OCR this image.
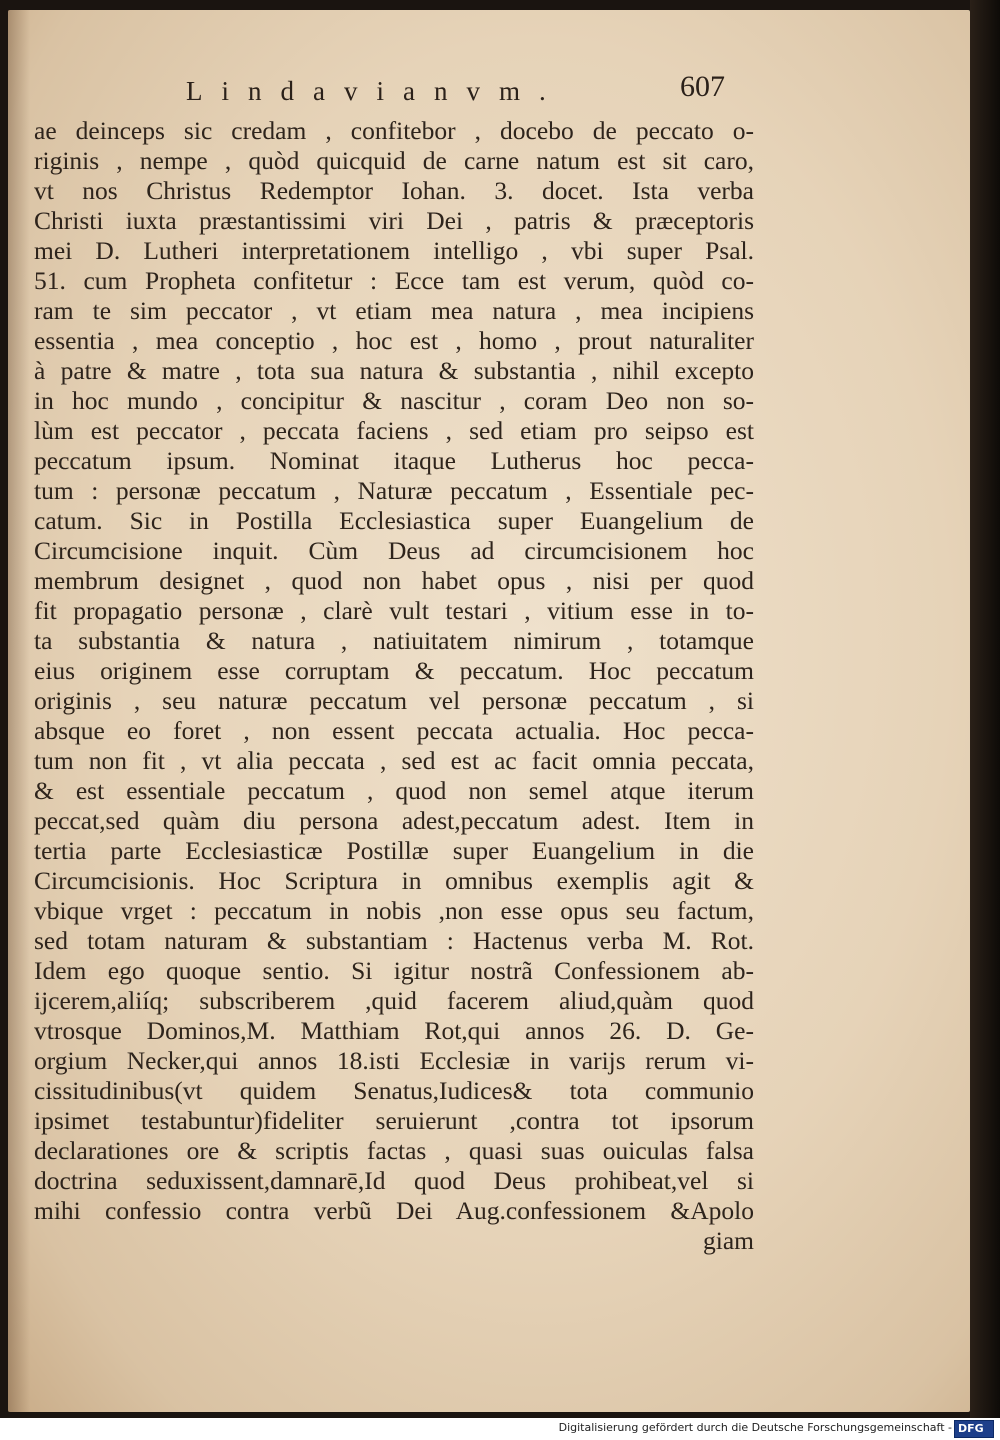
Lindavianvm.	607
ae deinceps sic credam , confitebor , docebo de peccato o-
riginis , nempe , quòd quicquid de carne natum est sit caro,
vt nos Christus Redemptor Iohan. 3. docet. Ista verba
Christi iuxta præstantissimi viri Dei , patris & præceptoris
mei D. Lutheri interpretationem intelligo , vbi super Psal.
51. cum Propheta confitetur : Ecce tam est verum, quòd co-
ram te sim peccator , vt etiam mea natura , mea incipiens
essentia , mea conceptio , hoc est , homo , prout naturaliter
à patre & matre , tota sua natura & substantia , nihil excepto
in hoc mundo , concipitur & nascitur , coram Deo non so-
lùm est peccator , peccata faciens , sed etiam pro seipso est
peccatum ipsum. Nominat itaque Lutherus hoc pecca-
tum : personæ peccatum , Naturæ peccatum , Essentiale pec-
catum. Sic in Postilla Ecclesiastica super Euangelium de
Circumcisione inquit. Cùm Deus ad circumcisionem hoc
membrum designet , quod non habet opus , nisi per quod
fit propagatio personæ , clarè vult testari , vitium esse in to-
ta substantia & natura , natiuitatem nimirum , totamque
eius originem esse corruptam & peccatum. Hoc peccatum
originis , seu naturæ peccatum vel personæ peccatum , si
absque eo foret , non essent peccata actualia. Hoc pecca-
tum non fit , vt alia peccata , sed est ac facit omnia peccata,
& est essentiale peccatum , quod non semel atque iterum
peccat,sed quàm diu persona adest,peccatum adest. Item in
tertia parte Ecclesiasticæ Postillæ super Euangelium in die
Circumcisionis. Hoc Scriptura in omnibus exemplis agit &
vbique vrget : peccatum in nobis ,non esse opus seu factum,
sed totam naturam & substantiam : Hactenus verba M. Rot.
Idem ego quoque sentio. Si igitur nostrã Confessionem ab-
ijcerem,aliíq; subscriberem ,quid facerem aliud,quàm quod
vtrosque Dominos,M. Matthiam Rot,qui annos 26. D. Ge-
orgium Necker,qui annos 18.isti Ecclesiæ in varijs rerum vi-
cissitudinibus(vt quidem Senatus,Iudices& tota communio
ipsimet testabuntur)fideliter seruierunt ,contra tot ipsorum
declarationes ore & scriptis factas , quasi suas ouiculas falsa
doctrina seduxissent,damnarē,Id quod Deus prohibeat,vel si
mihi confessio contra verbũ Dei Aug.confessionem &Apolo
giam
Digitalisierung gefördert durch die Deutsche Forschungsgemeinschaft - DFG
